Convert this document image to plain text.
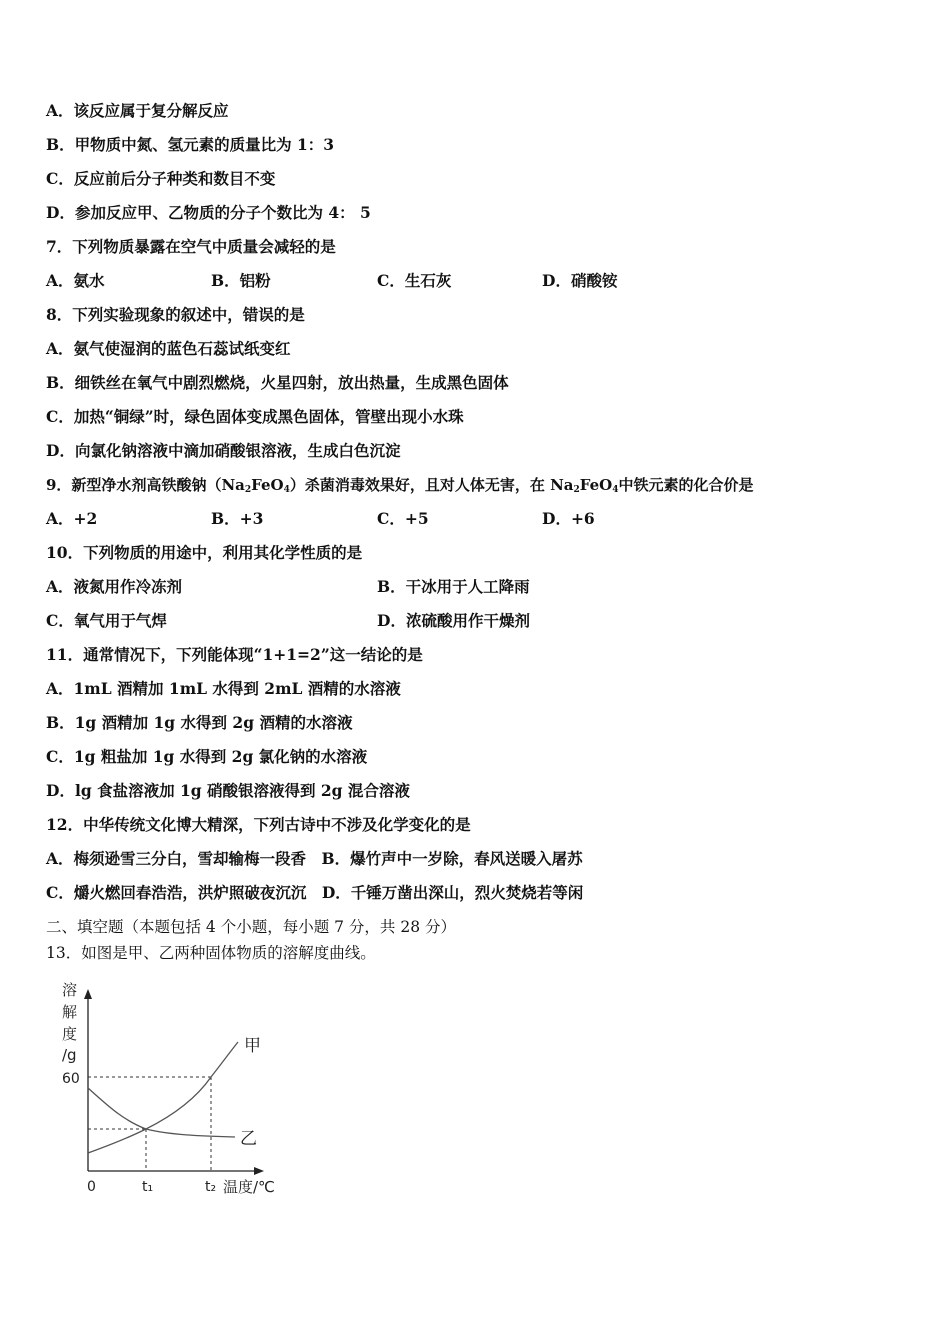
A．该反应属于复分解反应
B．甲物质中氮、氢元素的质量比为 1：3
C．反应前后分子种类和数目不变
D．参加反应甲、乙物质的分子个数比为 4： 5
7．下列物质暴露在空气中质量会减轻的是
A．氨水	B．铝粉	C．生石灰	D．硝酸铵
8．下列实验现象的叙述中，错误的是
A．氨气使湿润的蓝色石蕊试纸变红
B．细铁丝在氧气中剧烈燃烧，火星四射，放出热量，生成黑色固体
C．加热“铜绿”时，绿色固体变成黑色固体，管壁出现小水珠
D．向氯化钠溶液中滴加硝酸银溶液，生成白色沉淀
9．新型净水剂高铁酸钠$(Na_2FeO_4)$杀菌消毒效果好，且对人体无害，在 $Na_2FeO_4$中铁元素的化合价是
A．+2	B．+3	C．+5	D．+6
10．下列物质的用途中，利用其化学性质的是
A．液氮用作冷冻剂	B．干冰用于人工降雨
C．氧气用于气焊	D．浓硫酸用作干燥剂
11．通常情况下，下列能体现“1+1=2”这一结论的是
A．1mL 酒精加 1mL 水得到 2mL 酒精的水溶液
B．1g 酒精加 1g 水得到 2g 酒精的水溶液
C．1g 粗盐加 1g 水得到 2g 氯化钠的水溶液
D．lg 食盐溶液加 1g 硝酸银溶液得到 2g 混合溶液
12．中华传统文化博大精深，下列古诗中不涉及化学变化的是
A．梅须逊雪三分白，雪却输梅一段香　B．爆竹声中一岁除，春风送暖入屠苏
C．爝火燃回春浩浩，洪炉照破夜沉沉　D．千锤万凿出深山，烈火焚烧若等闲
二、填空题（本题包括 4 个小题，每小题 7 分，共 28 分）
13．如图是甲、乙两种固体物质的溶解度曲线。
溶
解
度
/g
60
0	t₁	t₂ 温度/℃
甲
乙
